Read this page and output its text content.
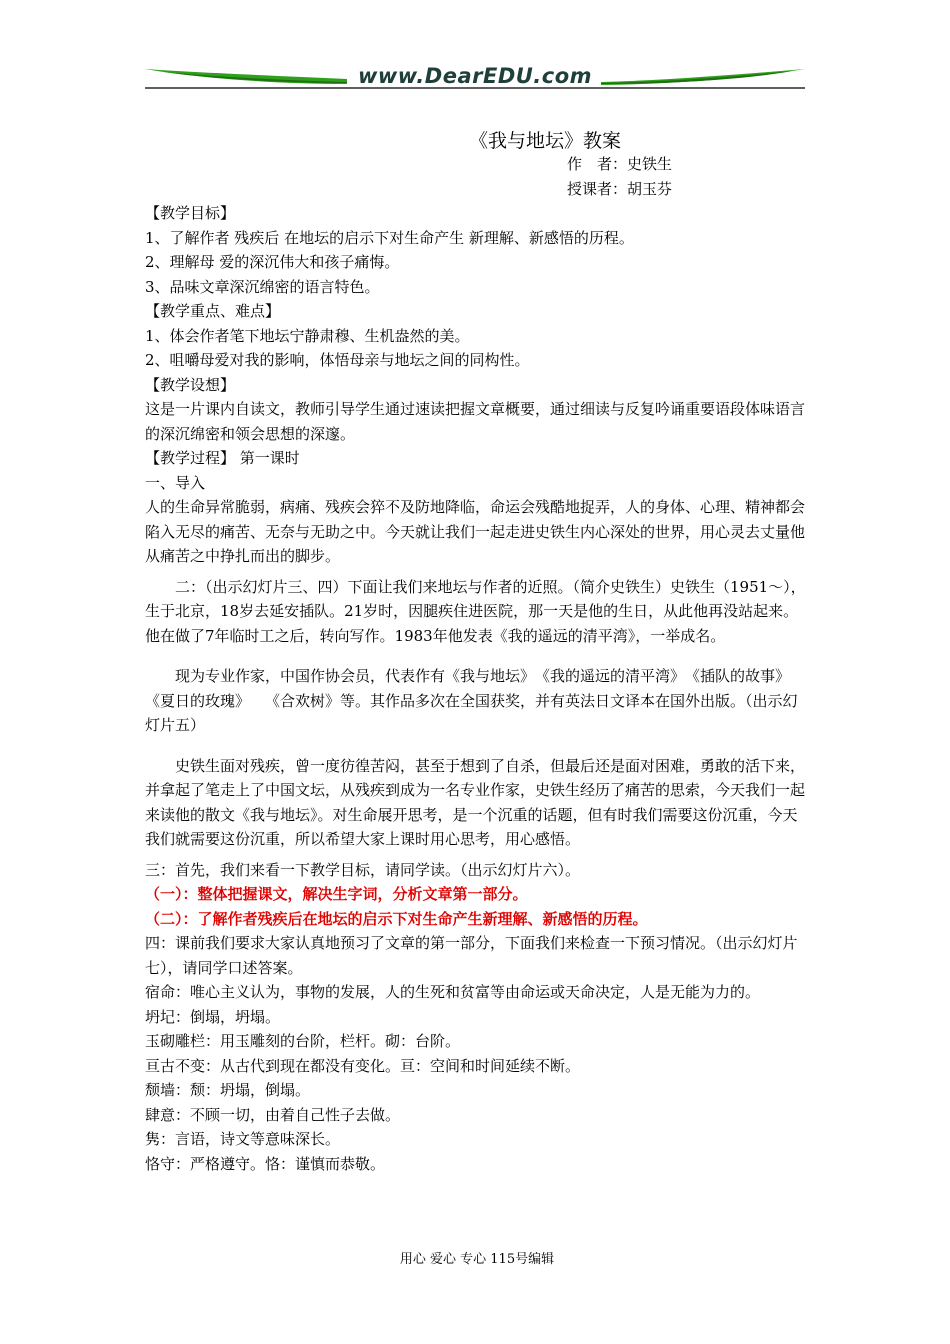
www.DearEDU.com
《我与地坛》教案
作　者：史铁生
授课者：胡玉芬

【教学目标】

1、了解作者 残疾后 在地坛的启示下对生命产生 新理解、新感悟的历程。

2、理解母 爱的深沉伟大和孩子痛悔。

3、品味文章深沉绵密的语言特色。

【教学重点、难点】

1、体会作者笔下地坛宁静肃穆、生机盎然的美。

2、咀嚼母爱对我的影响，体悟母亲与地坛之间的同构性。

【教学设想】

这是一片课内自读文，教师引导学生通过速读把握文章概要，通过细读与反复吟诵重要语段体味语言的深沉绵密和领会思想的深邃。

【教学过程】 第一课时

一、导入

人的生命异常脆弱，病痛、残疾会猝不及防地降临，命运会残酷地捉弄，人的身体、心理、精神都会陷入无尽的痛苦、无奈与无助之中。今天就让我们一起走进史铁生内心深处的世界，用心灵去丈量他从痛苦之中挣扎而出的脚步。

二：（出示幻灯片三、四）下面让我们来地坛与作者的近照。（简介史铁生）史铁生（1951～），生于北京，18岁去延安插队。21岁时，因腿疾住进医院，那一天是他的生日，从此他再没站起来。　他在做了7年临时工之后，转向写作。1983年他发表《我的遥远的清平湾》，一举成名。

现为专业作家，中国作协会员，代表作有《我与地坛》　《我的遥远的清平湾》　《插队的故事》　《夏日的玫瑰》　　《合欢树》等。其作品多次在全国获奖，并有英法日文译本在国外出版。（出示幻灯片五）

史铁生面对残疾，曾一度彷徨苦闷，甚至于想到了自杀，但最后还是面对困难，勇敢的活下来，并拿起了笔走上了中国文坛，从残疾到成为一名专业作家，史铁生经历了痛苦的思索，今天我们一起来读他的散文《我与地坛》。对生命展开思考，是一个沉重的话题，但有时我们需要这份沉重，今天我们就需要这份沉重，所以希望大家上课时用心思考，用心感悟。

三：首先，我们来看一下教学目标，请同学读。（出示幻灯片六）。

（一）：整体把握课文，解决生字词，分析文章第一部分。

（二）：了解作者残疾后在地坛的启示下对生命产生新理解、新感悟的历程。

四：课前我们要求大家认真地预习了文章的第一部分，下面我们来检查一下预习情况。（出示幻灯片七），请同学口述答案。

宿命：唯心主义认为，事物的发展，人的生死和贫富等由命运或天命决定，人是无能为力的。

坍圮：倒塌，坍塌。

玉砌雕栏：用玉雕刻的台阶，栏杆。砌：台阶。

亘古不变：从古代到现在都没有变化。亘：空间和时间延续不断。

颓墙：颓：坍塌，倒塌。

肆意：不顾一切，由着自己性子去做。

隽：言语，诗文等意味深长。

恪守：严格遵守。恪：谨慎而恭敬。

用心 爱心 专心 115号编辑
